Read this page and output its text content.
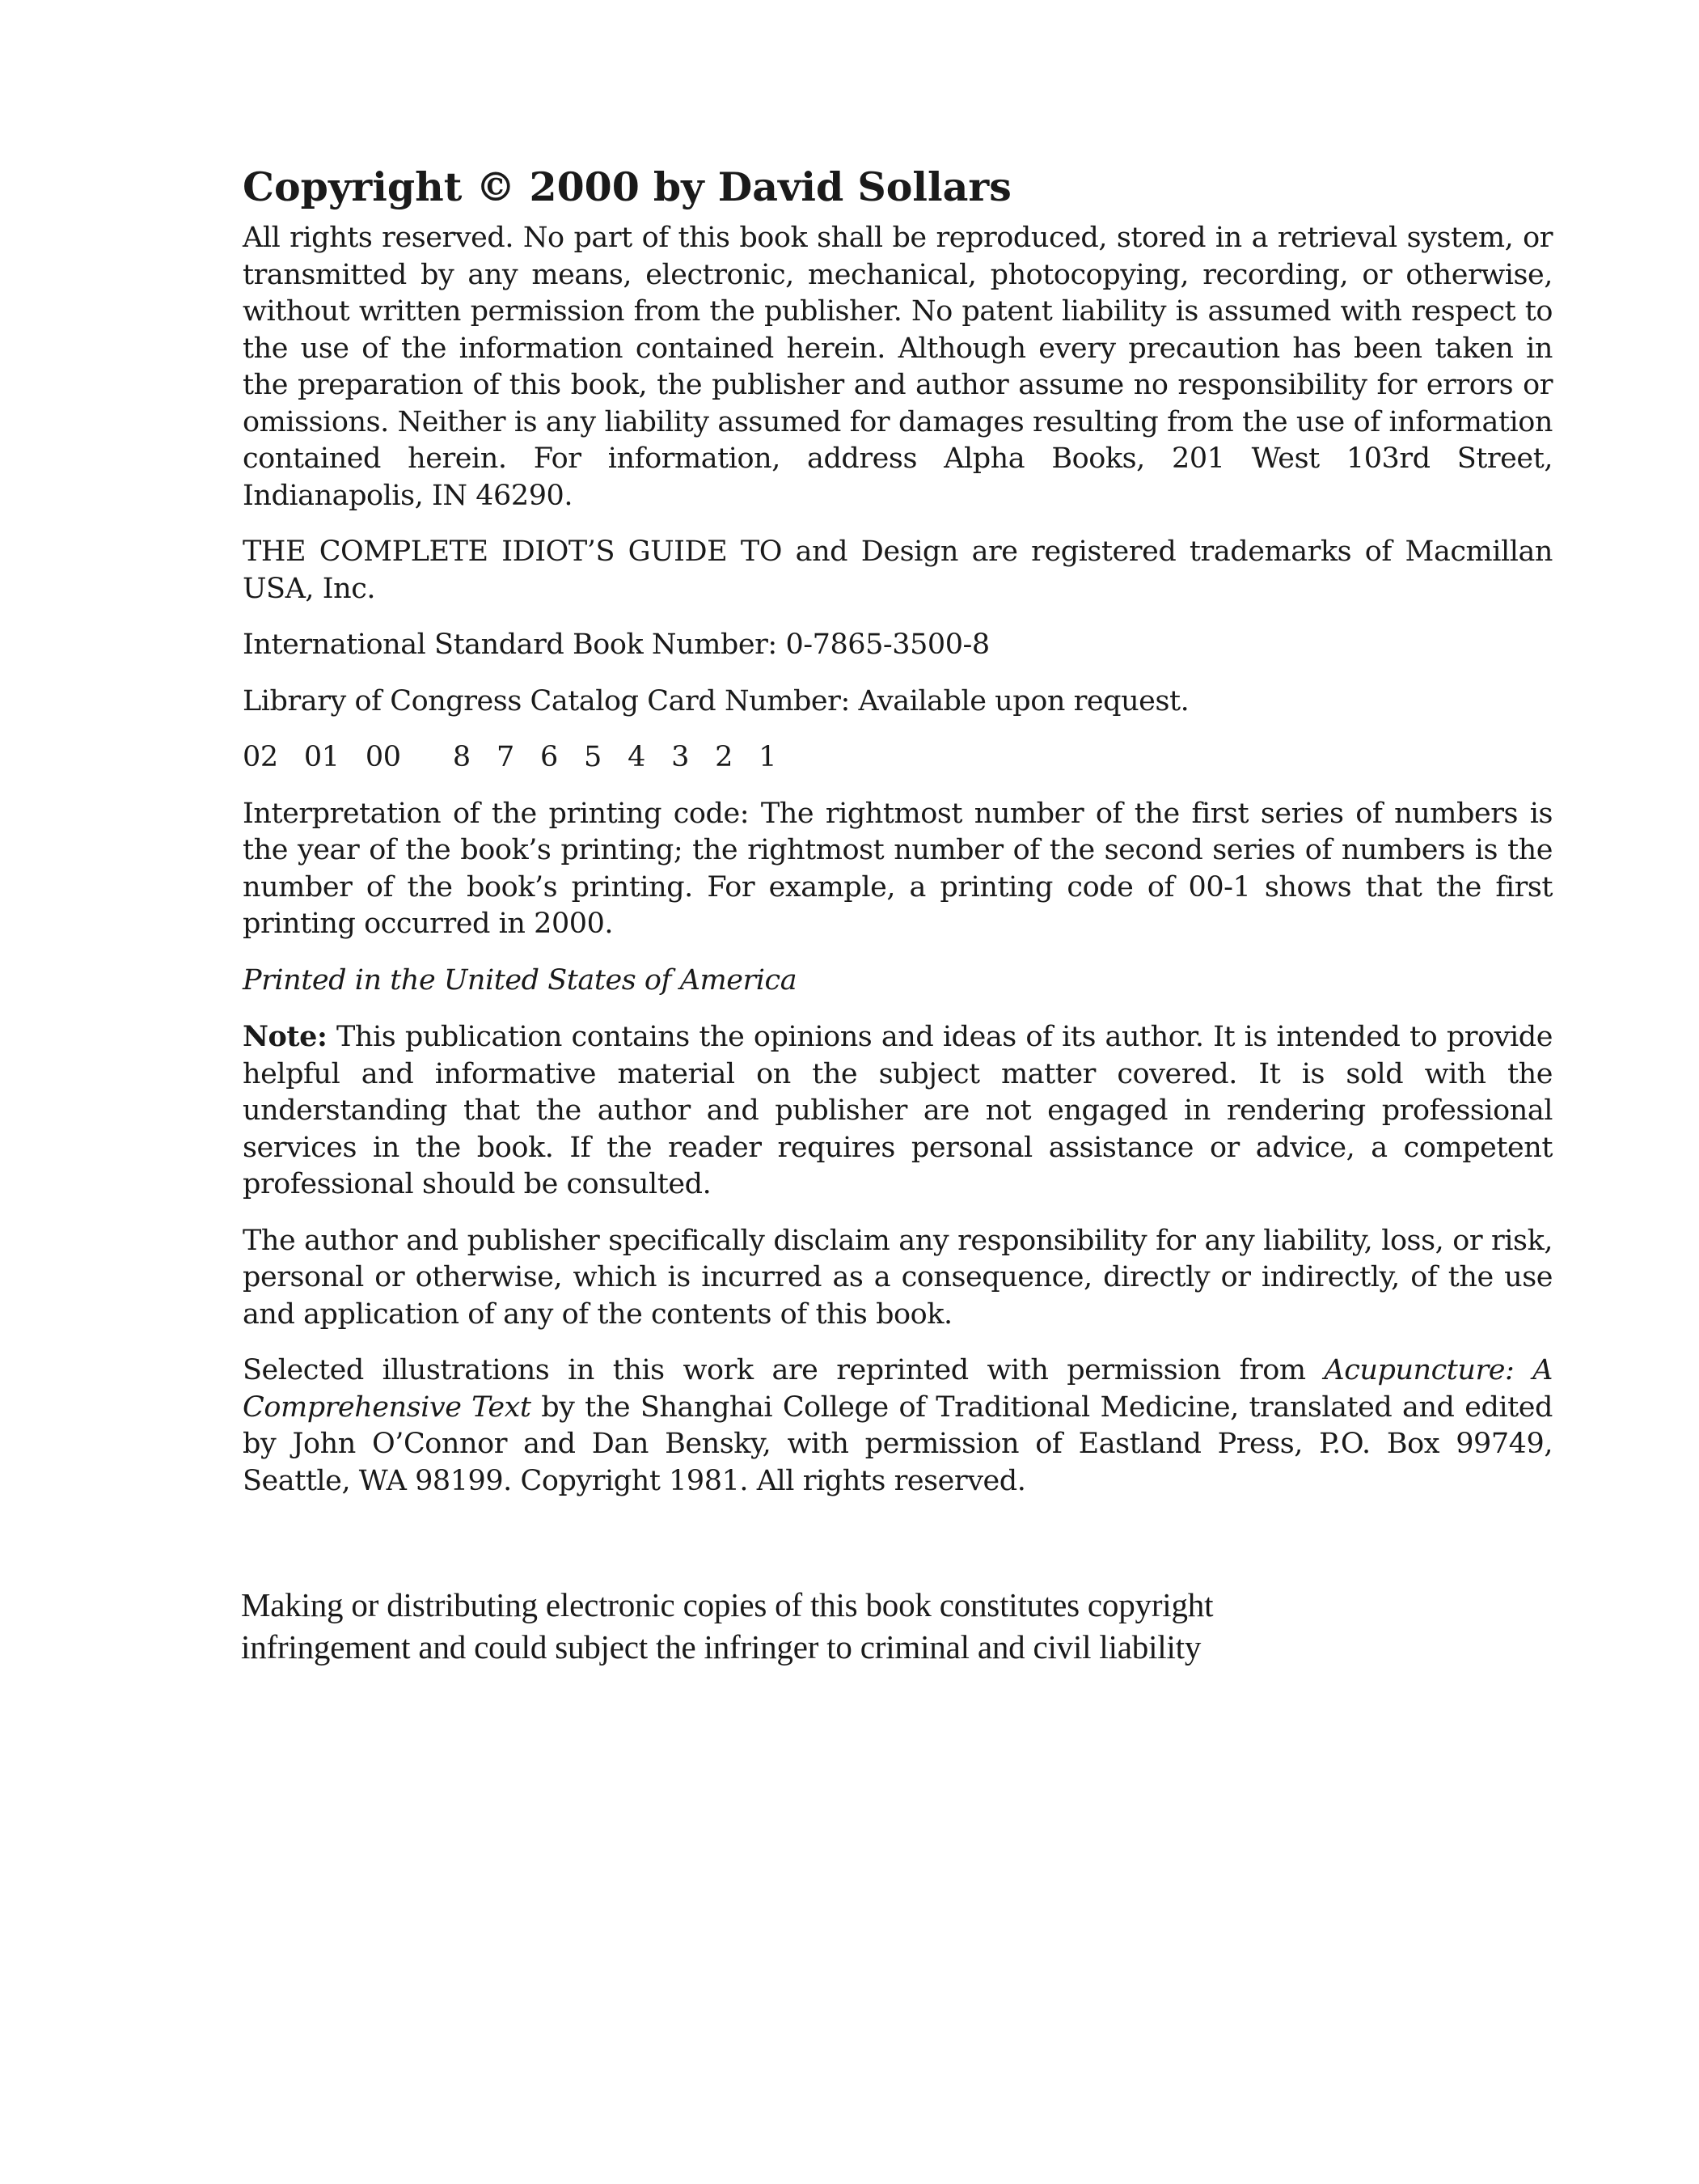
Copyright © 2000 by David Sollars

All rights reserved. No part of this book shall be reproduced, stored in a retrieval system, or transmitted by any means, electronic, mechanical, photocopying, recording, or otherwise, without written permission from the publisher. No patent liability is assumed with respect to the use of the information contained herein. Although every precaution has been taken in the preparation of this book, the publisher and author assume no responsibility for errors or omissions. Neither is any liability assumed for damages resulting from the use of information contained herein. For information, address Alpha Books, 201 West 103rd Street, Indianapolis, IN 46290.

THE COMPLETE IDIOT’S GUIDE TO and Design are registered trademarks of Macmillan USA, Inc.

International Standard Book Number: 0-7865-3500-8

Library of Congress Catalog Card Number: Available upon request.

02   01   00      8   7   6   5   4   3   2   1

Interpretation of the printing code: The rightmost number of the first series of numbers is the year of the book’s printing; the rightmost number of the second series of numbers is the number of the book’s printing. For example, a printing code of 00-1 shows that the first printing occurred in 2000.

Printed in the United States of America

Note: This publication contains the opinions and ideas of its author. It is intended to provide helpful and informative material on the subject matter covered. It is sold with the understanding that the author and publisher are not engaged in rendering professional services in the book. If the reader requires personal assistance or advice, a competent professional should be consulted.

The author and publisher specifically disclaim any responsibility for any liability, loss, or risk, personal or otherwise, which is incurred as a consequence, directly or indirectly, of the use and application of any of the contents of this book.

Selected illustrations in this work are reprinted with permission from Acupuncture: A Comprehensive Text by the Shanghai College of Traditional Medicine, translated and edited by John O’Connor and Dan Bensky, with permission of Eastland Press, P.O. Box 99749, Seattle, WA 98199. Copyright 1981. All rights reserved.

Making or distributing electronic copies of this book constitutes copyright
infringement and could subject the infringer to criminal and civil liability
